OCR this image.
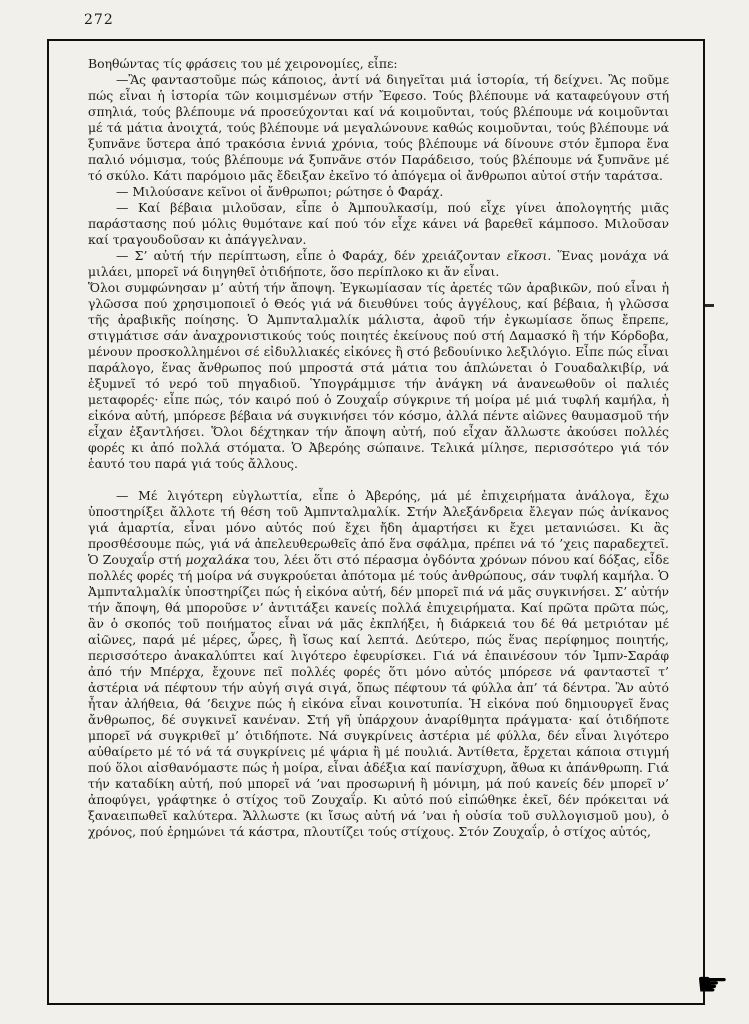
272

Βοηθώντας τίς φράσεις του μέ χειρονομίες, εἶπε:

—Ἂς φανταστοῦμε πώς κάποιος, ἀντί νά διηγεῖται μιά ἱστορία, τή δείχνει. Ἂς ποῦμε πώς εἶναι ἡ ἱστορία τῶν κοιμισμένων στήν Ἔφεσο. Τούς βλέπουμε νά καταφεύγουν στή σπηλιά, τούς βλέπουμε νά προσεύχονται καί νά κοιμοῦνται, τούς βλέπουμε νά κοιμοῦνται μέ τά μάτια ἀνοιχτά, τούς βλέπουμε νά μεγαλώνουνε καθώς κοιμοῦνται, τούς βλέπουμε νά ξυπνᾶνε ὕστερα ἀπό τρακόσια ἐννιά χρόνια, τούς βλέπουμε νά δίνουνε στόν ἔμπορα ἕνα παλιό νόμισμα, τούς βλέπουμε νά ξυπνᾶνε στόν Παράδεισο, τούς βλέπουμε νά ξυπνᾶνε μέ τό σκύλο. Κάτι παρόμοιο μᾶς ἔδειξαν ἐκεῖνο τό ἀπόγεμα οἱ ἄνθρωποι αὐτοί στήν ταράτσα.

— Μιλούσανε κεῖνοι οἱ ἄνθρωποι; ρώτησε ὁ Φαράχ.

— Καί βέβαια μιλοῦσαν, εἶπε ὁ Ἀμπουλκασίμ, πού εἶχε γίνει ἀπολογητής μιᾶς παράστασης πού μόλις θυμότανε καί πού τόν εἶχε κάνει νά βαρεθεῖ κάμποσο. Μιλοῦσαν καί τραγουδοῦσαν κι ἀπάγγελναν.

— Σ’ αὐτή τήν περίπτωση, εἶπε ὁ Φαράχ, δέν χρειάζονταν εἴκοσι. Ἕνας μονάχα νά μιλάει, μπορεῖ νά διηγηθεῖ ὁτιδήποτε, ὅσο περίπλοκο κι ἄν εἶναι.

Ὅλοι συμφώνησαν μ’ αὐτή τήν ἄποψη. Ἐγκωμίασαν τίς ἀρετές τῶν ἀραβικῶν, πού εἶναι ἡ γλῶσσα πού χρησιμοποιεῖ ὁ Θεός γιά νά διευθύνει τούς ἀγγέλους, καί βέβαια, ἡ γλῶσσα τῆς ἀραβικῆς ποίησης. Ὁ Ἀμπνταλμαλίκ μάλιστα, ἀφοῦ τήν ἐγκωμίασε ὅπως ἔπρεπε, στιγμάτισε σάν ἀναχρονιστικούς τούς ποιητές ἐκείνους πού στή Δαμασκό ἢ τήν Κόρδοβα, μένουν προσκολλημένοι σέ εἰδυλλιακές εἰκόνες ἢ στό βεδουίνικο λεξιλόγιο. Εἶπε πώς εἶναι παράλογο, ἕνας ἄνθρωπος πού μπροστά στά μάτια του ἁπλώνεται ὁ Γουαδαλκιβίρ, νά ἐξυμνεῖ τό νερό τοῦ πηγαδιοῦ. Ὑπογράμμισε τήν ἀνάγκη νά ἀνανεωθοῦν οἱ παλιές μεταφορές· εἶπε πώς, τόν καιρό πού ὁ Ζουχαΐρ σύγκρινε τή μοίρα μέ μιά τυφλή καμήλα, ἡ εἰκόνα αὐτή, μπόρεσε βέβαια νά συγκινήσει τόν κόσμο, ἀλλά πέντε αἰῶνες θαυμασμοῦ τήν εἶχαν ἐξαντλήσει. Ὅλοι δέχτηκαν τήν ἄποψη αὐτή, πού εἶχαν ἄλλωστε ἀκούσει πολλές φορές κι ἀπό πολλά στόματα. Ὁ Ἀβερόης σώπαινε. Τελικά μίλησε, περισσότερο γιά τόν ἑαυτό του παρά γιά τούς ἄλλους.

— Μέ λιγότερη εὐγλωττία, εἶπε ὁ Ἀβερόης, μά μέ ἐπιχειρήματα ἀνάλογα, ἔχω ὑποστηρίξει ἄλλοτε τή θέση τοῦ Ἀμπνταλμαλίκ. Στήν Ἀλεξάνδρεια ἔλεγαν πώς ἀνίκανος γιά ἁμαρτία, εἶναι μόνο αὐτός πού ἔχει ἤδη ἁμαρτήσει κι ἔχει μετανιώσει. Κι ἂς προσθέσουμε πώς, γιά νά ἀπελευθερωθεῖς ἀπό ἕνα σφάλμα, πρέπει νά τό ’χεις παραδεχτεῖ. Ὁ Ζουχαΐρ στή μοχαλάκα του, λέει ὅτι στό πέρασμα ὀγδόντα χρόνων πόνου καί δόξας, εἶδε πολλές φορές τή μοίρα νά συγκρούεται ἀπότομα μέ τούς ἀνθρώπους, σάν τυφλή καμήλα. Ὁ Ἀμπνταλμαλίκ ὑποστηρίζει πώς ἡ εἰκόνα αὐτή, δέν μπορεῖ πιά νά μᾶς συγκινήσει. Σ’ αὐτήν τήν ἄποψη, θά μποροῦσε ν’ ἀντιτάξει κανείς πολλά ἐπιχειρήματα. Καί πρῶτα πρῶτα πώς, ἂν ὁ σκοπός τοῦ ποιήματος εἶναι νά μᾶς ἐκπλήξει, ἡ διάρκειά του δέ θά μετριόταν μέ αἰῶνες, παρά μέ μέρες, ὧρες, ἢ ἴσως καί λεπτά. Δεύτερο, πώς ἕνας περίφημος ποιητής, περισσότερο ἀνακαλύπτει καί λιγότερο ἐφευρίσκει. Γιά νά ἐπαινέσουν τόν Ἰμπν-Σαράφ ἀπό τήν Μπέρχα, ἔχουνε πεῖ πολλές φορές ὅτι μόνο αὐτός μπόρεσε νά φανταστεῖ τ’ ἀστέρια νά πέφτουν τήν αὐγή σιγά σιγά, ὅπως πέφτουν τά φύλλα ἀπ’ τά δέντρα. Ἂν αὐτό ἦταν ἀλήθεια, θά ’δειχνε πώς ἡ εἰκόνα εἶναι κοινοτυπία. Ἡ εἰκόνα πού δημιουργεῖ ἕνας ἄνθρωπος, δέ συγκινεῖ κανέναν. Στή γῆ ὑπάρχουν ἀναρίθμητα πράγματα· καί ὁτιδήποτε μπορεῖ νά συγκριθεῖ μ’ ὁτιδήποτε. Νά συγκρίνεις ἀστέρια μέ φύλλα, δέν εἶναι λιγότερο αὐθαίρετο μέ τό νά τά συγκρίνεις μέ ψάρια ἢ μέ πουλιά. Ἀντίθετα, ἔρχεται κάποια στιγμή πού ὅλοι αἰσθανόμαστε πώς ἡ μοίρα, εἶναι ἀδέξια καί πανίσχυρη, ἄθωα κι ἀπάνθρωπη. Γιά τήν καταδίκη αὐτή, πού μπορεῖ νά ’ναι προσωρινή ἢ μόνιμη, μά πού κανείς δέν μπορεῖ ν’ ἀποφύγει, γράφτηκε ὁ στίχος τοῦ Ζουχαΐρ. Κι αὐτό πού εἰπώθηκε ἐκεῖ, δέν πρόκειται νά ξαναειπωθεῖ καλύτερα. Ἄλλωστε (κι ἴσως αὐτή νά ’ναι ἡ οὐσία τοῦ συλλογισμοῦ μου), ὁ χρόνος, πού ἐρημώνει τά κάστρα, πλουτίζει τούς στίχους. Στόν Ζουχαΐρ, ὁ στίχος αὐτός,

☛
